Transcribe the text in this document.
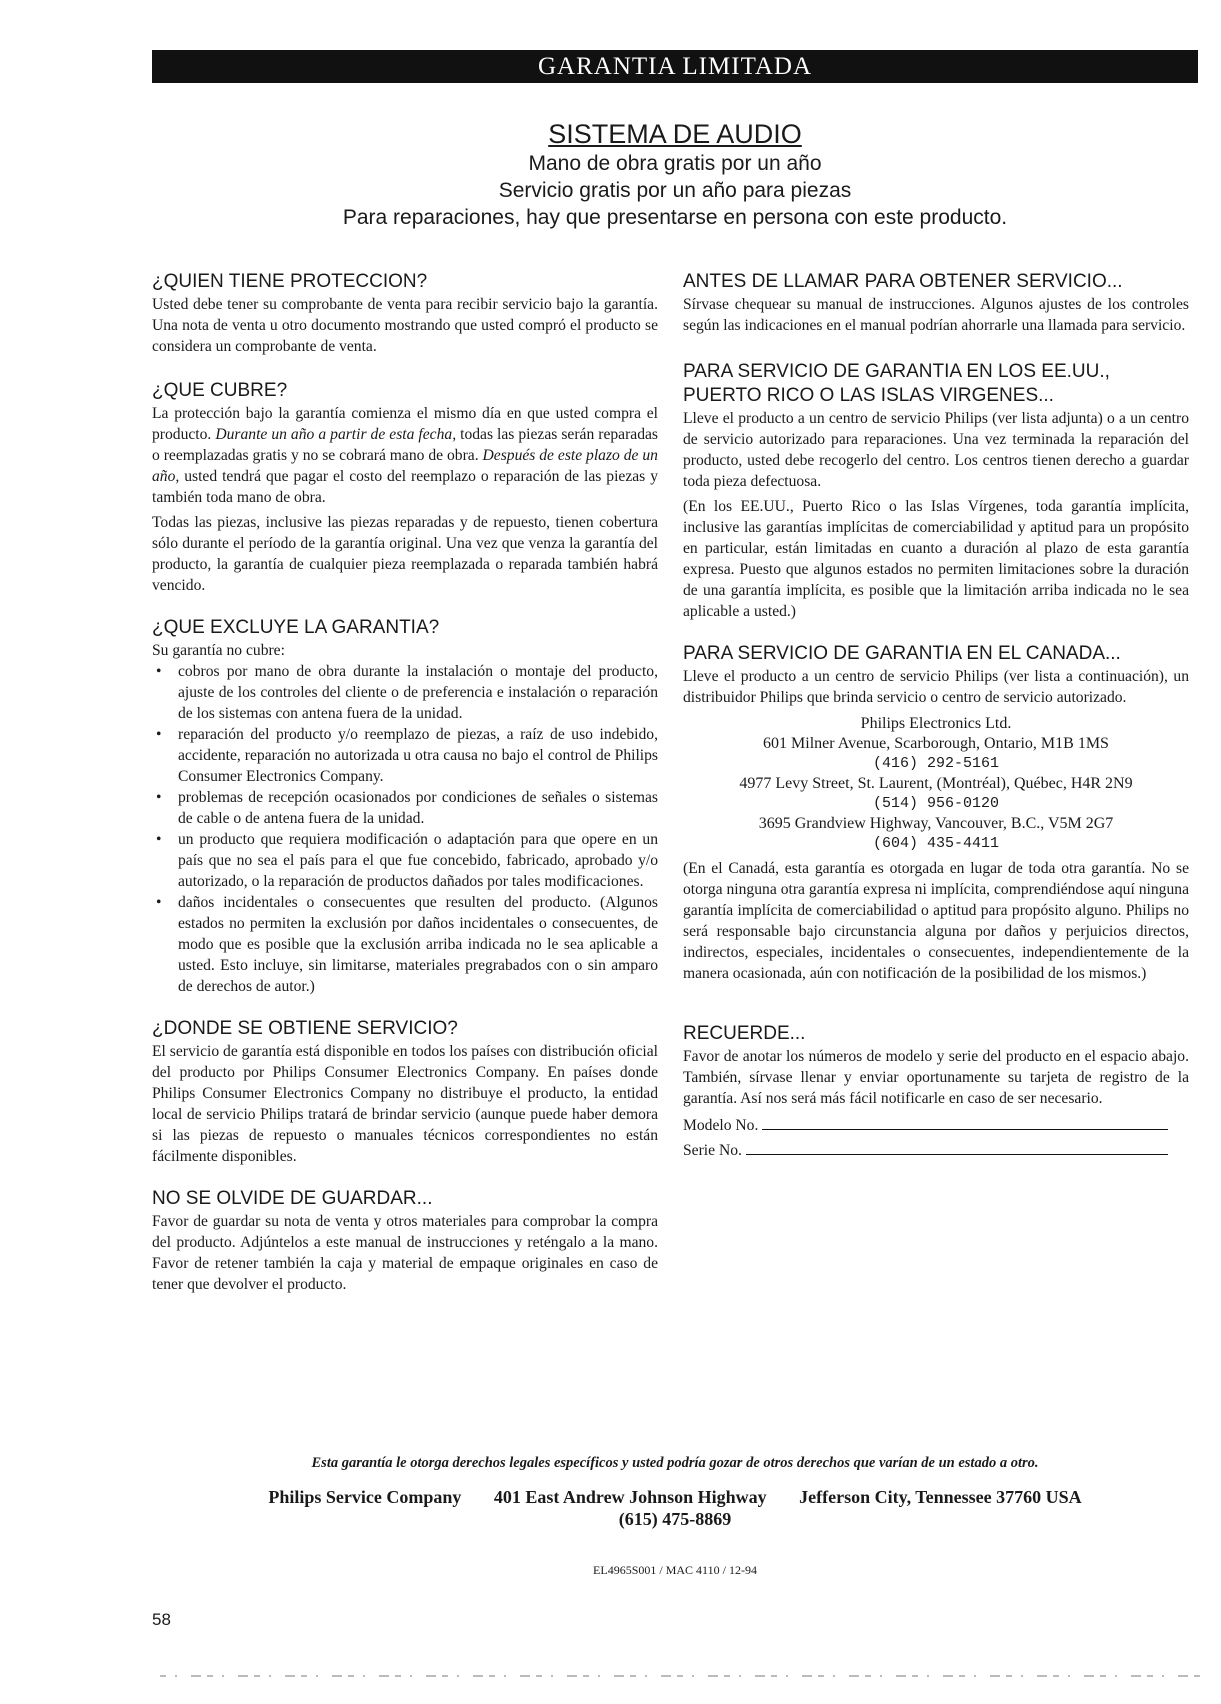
GARANTIA LIMITADA
SISTEMA DE AUDIO
Mano de obra gratis por un año
Servicio gratis por un año para piezas
Para reparaciones, hay que presentarse en persona con este producto.

¿QUIEN TIENE PROTECCION?

Usted debe tener su comprobante de venta para recibir servicio bajo la garantía. Una nota de venta u otro documento mostrando que usted compró el producto se considera un comprobante de venta.

¿QUE CUBRE?

La protección bajo la garantía comienza el mismo día en que usted compra el producto. Durante un año a partir de esta fecha, todas las piezas serán reparadas o reemplazadas gratis y no se cobrará mano de obra. Después de este plazo de un año, usted tendrá que pagar el costo del reemplazo o reparación de las piezas y también toda mano de obra.

Todas las piezas, inclusive las piezas reparadas y de repuesto, tienen cobertura sólo durante el período de la garantía original. Una vez que venza la garantía del producto, la garantía de cualquier pieza reemplazada o reparada también habrá vencido.

¿QUE EXCLUYE LA GARANTIA?

Su garantía no cubre:

• cobros por mano de obra durante la instalación o montaje del producto, ajuste de los controles del cliente o de preferencia e instalación o reparación de los sistemas con antena fuera de la unidad.
• reparación del producto y/o reemplazo de piezas, a raíz de uso indebido, accidente, reparación no autorizada u otra causa no bajo el control de Philips Consumer Electronics Company.
• problemas de recepción ocasionados por condiciones de señales o sistemas de cable o de antena fuera de la unidad.
• un producto que requiera modificación o adaptación para que opere en un país que no sea el país para el que fue concebido, fabricado, aprobado y/o autorizado, o la reparación de productos dañados por tales modificaciones.
• daños incidentales o consecuentes que resulten del producto. (Algunos estados no permiten la exclusión por daños incidentales o consecuentes, de modo que es posible que la exclusión arriba indicada no le sea aplicable a usted. Esto incluye, sin limitarse, materiales pregrabados con o sin amparo de derechos de autor.)

¿DONDE SE OBTIENE SERVICIO?

El servicio de garantía está disponible en todos los países con distribución oficial del producto por Philips Consumer Electronics Company. En países donde Philips Consumer Electronics Company no distribuye el producto, la entidad local de servicio Philips tratará de brindar servicio (aunque puede haber demora si las piezas de repuesto o manuales técnicos correspondientes no están fácilmente disponibles.

NO SE OLVIDE DE GUARDAR...

Favor de guardar su nota de venta y otros materiales para comprobar la compra del producto. Adjúntelos a este manual de instrucciones y reténgalo a la mano. Favor de retener también la caja y material de empaque originales en caso de tener que devolver el producto.

ANTES DE LLAMAR PARA OBTENER SERVICIO...

Sírvase chequear su manual de instrucciones. Algunos ajustes de los controles según las indicaciones en el manual podrían ahorrarle una llamada para servicio.

PARA SERVICIO DE GARANTIA EN LOS EE.UU., PUERTO RICO O LAS ISLAS VIRGENES...

Lleve el producto a un centro de servicio Philips (ver lista adjunta) o a un centro de servicio autorizado para reparaciones. Una vez terminada la reparación del producto, usted debe recogerlo del centro. Los centros tienen derecho a guardar toda pieza defectuosa.

(En los EE.UU., Puerto Rico o las Islas Vírgenes, toda garantía implícita, inclusive las garantías implícitas de comerciabilidad y aptitud para un propósito en particular, están limitadas en cuanto a duración al plazo de esta garantía expresa. Puesto que algunos estados no permiten limitaciones sobre la duración de una garantía implícita, es posible que la limitación arriba indicada no le sea aplicable a usted.)

PARA SERVICIO DE GARANTIA EN EL CANADA...

Lleve el producto a un centro de servicio Philips (ver lista a continuación), un distribuidor Philips que brinda servicio o centro de servicio autorizado.

Philips Electronics Ltd.
601 Milner Avenue, Scarborough, Ontario, M1B 1MS
(416) 292-5161
4977 Levy Street, St. Laurent, (Montréal), Québec, H4R 2N9
(514) 956-0120
3695 Grandview Highway, Vancouver, B.C., V5M 2G7
(604) 435-4411

(En el Canadá, esta garantía es otorgada en lugar de toda otra garantía. No se otorga ninguna otra garantía expresa ni implícita, comprendiéndose aquí ninguna garantía implícita de comerciabilidad o aptitud para propósito alguno. Philips no será responsable bajo circunstancia alguna por daños y perjuicios directos, indirectos, especiales, incidentales o consecuentes, independientemente de la manera ocasionada, aún con notificación de la posibilidad de los mismos.)

RECUERDE...

Favor de anotar los números de modelo y serie del producto en el espacio abajo. También, sírvase llenar y enviar oportunamente su tarjeta de registro de la garantía. Así nos será más fácil notificarle en caso de ser necesario.

Modelo No.

Serie No.

Esta garantía le otorga derechos legales específicos y usted podría gozar de otros derechos que varían de un estado a otro.
Philips Service Company 401 East Andrew Johnson Highway Jefferson City, Tennessee 37760 USA
(615) 475-8869
EL4965S001 / MAC 4110 / 12-94
58
